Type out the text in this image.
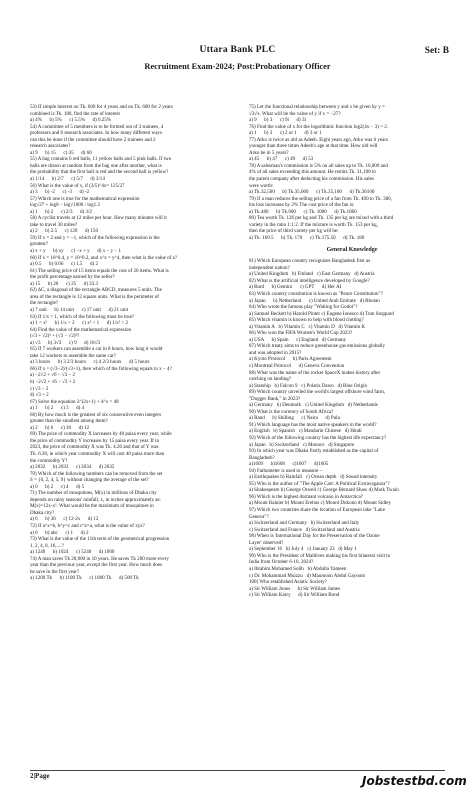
Uttara Bank PLC
Recruitment Exam-2024; Post:Probationary Officer
Set: B
53) If simple interest on Tk. 600 for 4 years and on Tk. 600 for 2 years
combined is Tk. 180, find the rate of interest
a) 4%      b) 5%      c) 5.5%      d) 6.25%
54) A committee of 5 members is to be formed out of 3 trainees, 4
professors and 6 research associates. In how many different ways
can this be done if the committee should have 2 trainees and 2
research associates?
a) 9      b) 15      c) 45      d) 60
55) A bag contains 6 red balls, 11 yellow balls and 5 pink balls. If two
balls are drawn at random from the bag one after another, what is
the probability that the first ball is red and the second ball is yellow?
a) 1/14      b) 2/7      c) 5/7      d) 3/14
56) What is the value of x, if (3/5)^4x= 125/27
a) 3      b) -2      c) -3      d) -2
57) Which one is true for the mathematical expression
log√27 + log8 − log√1000 / log1.2
a) 1      b) 2      c) 2/3      d) 3/2
58) A cyclist travels at 12 miles per hour. How many minutes will it
take to travel 30 miles?
a) 2      b) 2.5      c) 120      d) 150
59) If x = 2 and y = −1, which of the following expression is the
greatest?
a) x + y      b) xy      c) −x + y      d) x − y − 1
60) If x = 10^0.4, y = 10^0.2, and x^z = y^4, then what is the value of z?
a) 0.5      b) 0.66      c) 1.5      d) 2
61) The selling price of 15 items equals the cost of 20 items. What is
the profit percentage earned by the seller?
a) 15      b) 20      c) 25      d) 33.3
62) ΔC, a diagonal of the rectangle ABCD, measures 5 units. The
area of the rectangle is 12 square units. What is the perimeter of
the rectangle?
a) 7 unit      b) 14 unit      c) 17 unit      d) 21 unit
63) If 1/x > 1, which of the following must be true?
a) 1 < x²      b) 1/x > 2      c) x² < 1      d) 1/x² > 2
64) Find the value of the mathematical expression
(√3 + √2)³ + (√3 − √2)³?
a) √3      b) 3√3      c) 9      d) 18√3
65) If 7 workers can assemble a car in 8 hours, how long it would
take 12 workers to assemble the same car?
a) 3 hours      b) 3 2/3 hours      c) 4 2/3 hours      d) 5 hours
66) If x = (√3−2)/(√3+1), then which of the following equals to x − 4?
a) −2√2 + √6 − √3 − 2
b) −2√2 + √6 − √3 + 2
c) √3 − 2
d) √3 + 2
67) Solve the equation 2^(2x+1) + 4^x = 48
a) 1      b) 2      c) 3      d) 4
68) By how much is the greatest of six consecutive even integers
greater than the smallest among them?
a) 2      b) 6      c) 10      d) 12
69) The price of commodity X increases by 40 paisa every year, while
the price of commodity Y increases by 15 paisa every year. If in
2023, the price of commodity X was Tk. 4.20 and that of Y was
Tk. 6.30, in which year commodity X will cost 40 paisa more than
the commodity Y?
a) 2032      b) 2033      c) 2034      d) 2035
70) Which of the following numbers can be removed from the set
S = {0, 2, 4, 5, 9} without changing the average of the set?
a) 0      b) 2      c) 4      d) 5
71) The number of mosquitoes, M(x) in millions of Dhaka city
depends on rainy seasons' rainfall, x, in inches approximately as:
M(x)=12x-x². What would be the maximum of mosquitoes in
Dhaka city?
a) 6      b) 36      c) 12-2x      d) 12
72) If a^x=b, b^y=c and c^z=a, what is the value of xyz?
a) 0      b) abc      c) 1      d) 2
73) What is the value of the 11th term of the geometrical progression
1, 2, 4, 8, 16,....?
a) 1240      b) 1024      c) 5240      d) 1000
74) A man saves Tk 20,000 in 10 years. He saves Tk 200 more every
year than the previous year, except the first year. How much does
he save in the first year?
a) 1200 Tk      b) 1100 Tk      c) 1000 Tk      d) 500 Tk
75) Let the functional relationship between y and x be given by y =
√3√x. What will be the value of y if x = −27?
a) 9      b) 3      c) 9i      d) 3i
76) Find the value of x for the logarithmic function log2(4x − 3) = 2.
a) 1      b) 3      c) 2 or 1      d) 3 or 1
77) Arko is twice as old as Adeeb. Eight years ago, Arko was 6 years
younger than three times Adeeb's age at that time. How old will
Arko be in 5 years?
a) 45      b) 47      c) 49      d) 53
78) A salesman's commission is 5% on all sales up to Tk. 10,000 and
4% of all sales exceeding this amount. He remits Tk. 31,100 to
the parent company after deducting his commission. His sales
were worth:
a) Tk.32,500      b) Tk.35,000      c) Tk.35,100      d) Tk.36100
79) If a man reduces the selling price of a fan from Tk. 400 to Tk. 380,
his loss increases by 2% The cost price of the fan is:
a) Tk.480      b) Tk.600      c) Tk. 1000      d) Tk.1060
80) Tea worth Tk. 126 per kg and Tk. 135 per kg are mixed with a third
variety in the ratio 1:1:2. If the mixture is worth Tk. 153 per kg,
then the price of third variety per kg will be:
a) Tk. 169.5      b) Tk. 170      c) Tk.175.50      d) Tk. 180
General Knowledge
81) Which European country recognizes Bangladesh first as
independent nation?
a) United Kingdom   b) Finland   c) East Germany   d) Austria
82) What is the artificial intelligence developed by Google?
a) Bard      b) Gemini      c) GPT      d) Her AI
83) Which country constitution is known as "Peace Constitution"?
a) Japan      b) Netherland      c) United Arab Emirate   d) Bhutan
84) Who wrote the famous play "Waiting for Godot"?
a) Samuel Beckett b) Harold Pinter c) Eugene Ionesco d) Tom Stoppard
85) Which vitamin is known to help with blood clotting?
a) Vitamin A   b) Vitamin C   c) Vitamin D   d) Vitamin K
86) Who won the FIFA Women's World Cup 2023?
a) USA      b) Spain      c) England   d) Germany
87) Which treaty aims to reduce greenhouse gas emissions globally
and was adopted in 2015?
a) Kyoto Protocol      b) Paris Agreement
c) Montreal Protocol      d) Geneva Convention
88) What was the name of the rocket SpaceX makes history after
catching on landing?
a) Starship   b) Falcon 9   c) Polaris Dawn   d) Blue Origin
89) Which country unveiled the world's largest offshore wind farm,
"Dogger Bank," in 2023?
a) Germany   b) Denmark   c) United Kingdom   d) Netherlands
90) What is the currency of South Africa?
a) Rand      b) Shilling      c) Naira      d) Pula
91) Which language has the most native speakers in the world?
a) English   b) Spanish   c) Mandarin Chinese   d) Hindi
92) Which of the following country has the highest life expectancy?
a) Japan   b) Switzerland   c) Monaco   d) Singapore
93) In which year was Dhaka firstly established as the capital of
Bangladesh?
a)1609      b)1608      c)1607      d)1605
94) Fathometer is used to measure –
a) Earthquakes b) Rainfall   c) Ocean depth   d) Sound intensity
95) Who is the author of "The Apple Cart: A Political Extravaganza"?
a) Shakespeare b) George Orwell c) George Bernard Shaw d) Mark Twain
96) Which is the highest dormant volcano in Antarctica?
a) Mount Rainier b) Mount Erebus c) Mount Dukono d) Mount Sidley
97) Which two countries share the location of European lake "Lake
Geneva"?
a) Switzerland and Germany   b) Switzerland and Italy
c) Switzerland and France   d) Switzerland and Austria
98) When is 'International Day for the Preservation of the Ozone
Layer' observed?
a) September 16   b) July 4   c) January 23   d) May 1
99) Who is the President of Maldives making his first bilateral visit to
India from October 6-10, 2024?
a) Ibrahim Mohamed Solih   b) Abdulla Yameen
c) Dr. Mohammad Muizzu   d) Maumoon Abdul Gayoom
100) Who established Asiatic Society?
a) Sir William Jones      b) Sir William James
c) Sir William Karry      d) Sir William Bond
2|Page	Jobstestbd.com
